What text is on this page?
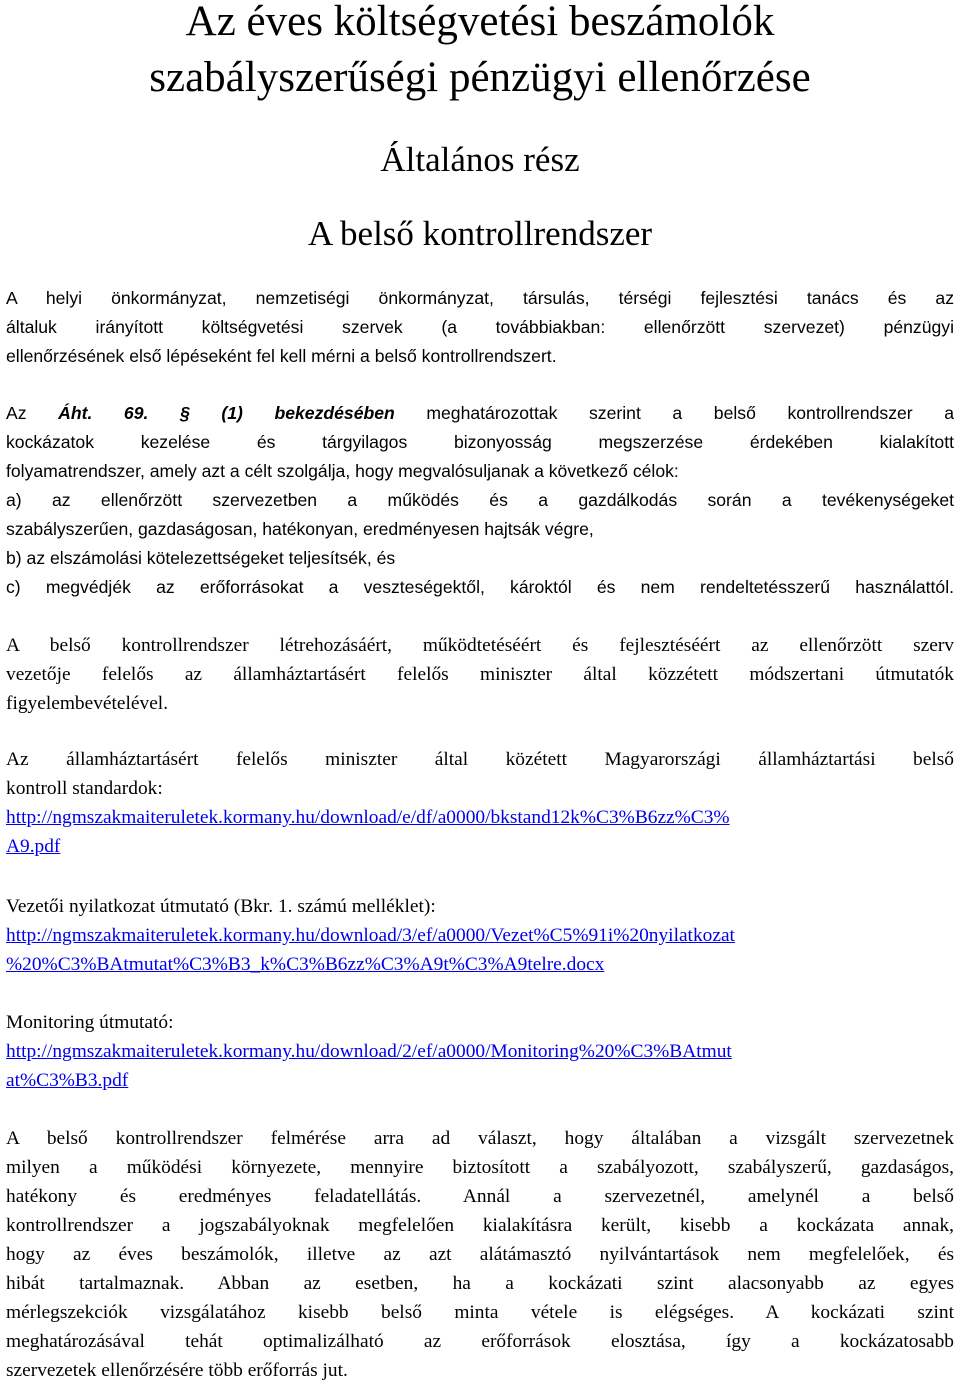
Az éves költségvetési beszámolók
szabályszerűségi pénzügyi ellenőrzése
Általános rész
A belső kontrollrendszer
A helyi önkormányzat, nemzetiségi önkormányzat, társulás, térségi fejlesztési tanács és az
általuk irányított költségvetési szervek (a továbbiakban: ellenőrzött szervezet) pénzügyi
ellenőrzésének első lépéseként fel kell mérni a belső kontrollrendszert.
Az Áht. 69. § (1) bekezdésében meghatározottak szerint a belső kontrollrendszer a
kockázatok kezelése és tárgyilagos bizonyosság megszerzése érdekében kialakított
folyamatrendszer, amely azt a célt szolgálja, hogy megvalósuljanak a következő célok:
a) az ellenőrzött szervezetben a működés és a gazdálkodás során a tevékenységeket
szabályszerűen, gazdaságosan, hatékonyan, eredményesen hajtsák végre,
b) az elszámolási kötelezettségeket teljesítsék, és
c) megvédjék az erőforrásokat a veszteségektől, károktól és nem rendeltetésszerű használattól.
A belső kontrollrendszer létrehozásáért, működtetéséért és fejlesztéséért az ellenőrzött szerv
vezetője felelős az államháztartásért felelős miniszter által közzétett módszertani útmutatók
figyelembevételével.
Az államháztartásért felelős miniszter által közétett Magyarországi államháztartási belső
kontroll standardok:
http://ngmszakmaiteruletek.kormany.hu/download/e/df/a0000/bkstand12k%C3%B6zz%C3%
A9.pdf
Vezetői nyilatkozat útmutató (Bkr. 1. számú melléklet):
http://ngmszakmaiteruletek.kormany.hu/download/3/ef/a0000/Vezet%C5%91i%20nyilatkozat
%20%C3%BAtmutat%C3%B3_k%C3%B6zz%C3%A9t%C3%A9telre.docx
Monitoring útmutató:
http://ngmszakmaiteruletek.kormany.hu/download/2/ef/a0000/Monitoring%20%C3%BAtmut
at%C3%B3.pdf
A belső kontrollrendszer felmérése arra ad választ, hogy általában a vizsgált szervezetnek
milyen a működési környezete, mennyire biztosított a szabályozott, szabályszerű, gazdaságos,
hatékony és eredményes feladatellátás. Annál a szervezetnél, amelynél a belső
kontrollrendszer a jogszabályoknak megfelelően kialakításra került, kisebb a kockázata annak,
hogy az éves beszámolók, illetve az azt alátámasztó nyilvántartások nem megfelelőek, és
hibát tartalmaznak. Abban az esetben, ha a kockázati szint alacsonyabb az egyes
mérlegszekciók vizsgálatához kisebb belső minta vétele is elégséges. A kockázati szint
meghatározásával tehát optimalizálható az erőforrások elosztása, így a kockázatosabb
szervezetek ellenőrzésére több erőforrás jut.
